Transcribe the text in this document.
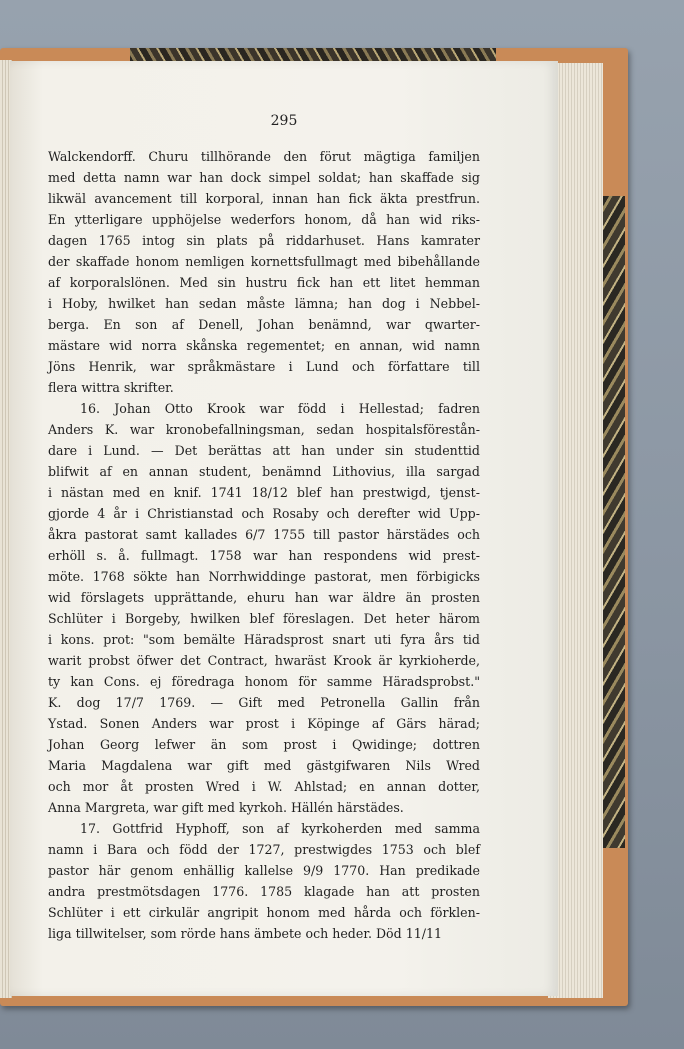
295
Walckendorff. Churu tillhörande den förut mägtiga familjen
med detta namn war han dock simpel soldat; han skaffade sig
likwäl avancement till korporal, innan han fick äkta prestfrun.
En ytterligare upphöjelse wederfors honom, då han wid riks-
dagen 1765 intog sin plats på riddarhuset. Hans kamrater
der skaffade honom nemligen kornettsfullmagt med bibehållande
af korporalslönen. Med sin hustru fick han ett litet hemman
i Hoby, hwilket han sedan måste lämna; han dog i Nebbel-
berga. En son af Denell, Johan benämnd, war qwarter-
mästare wid norra skånska regementet; en annan, wid namn
Jöns Henrik, war språkmästare i Lund och författare till
flera wittra skrifter.
16. Johan Otto Krook war född i Hellestad; fadren
Anders K. war kronobefallningsman, sedan hospitalsförestån-
dare i Lund. — Det berättas att han under sin studenttid
blifwit af en annan student, benämnd Lithovius, illa sargad
i nästan med en knif. 1741 18/12 blef han prestwigd, tjenst-
gjorde 4 år i Christianstad och Rosaby och derefter wid Upp-
åkra pastorat samt kallades 6/7 1755 till pastor härstädes och
erhöll s. å. fullmagt. 1758 war han respondens wid prest-
möte. 1768 sökte han Norrhwiddinge pastorat, men förbigicks
wid förslagets upprättande, ehuru han war äldre än prosten
Schlüter i Borgeby, hwilken blef föreslagen. Det heter härom
i kons. prot: "som bemälte Häradsprost snart uti fyra års tid
warit probst öfwer det Contract, hwaräst Krook är kyrkioherde,
ty kan Cons. ej föredraga honom för samme Häradsprobst."
K. dog 17/7 1769. — Gift med Petronella Gallin från
Ystad. Sonen Anders war prost i Köpinge af Gärs härad;
Johan Georg lefwer än som prost i Qwidinge; dottren
Maria Magdalena war gift med gästgifwaren Nils Wred
och mor åt prosten Wred i W. Ahlstad; en annan dotter,
Anna Margreta, war gift med kyrkoh. Hällén härstädes.
17. Gottfrid Hyphoff, son af kyrkoherden med samma
namn i Bara och född der 1727, prestwigdes 1753 och blef
pastor här genom enhällig kallelse 9/9 1770. Han predikade
andra prestmötsdagen 1776. 1785 klagade han att prosten
Schlüter i ett cirkulär angripit honom med hårda och förklen-
liga tillwitelser, som rörde hans ämbete och heder. Död 11/11
